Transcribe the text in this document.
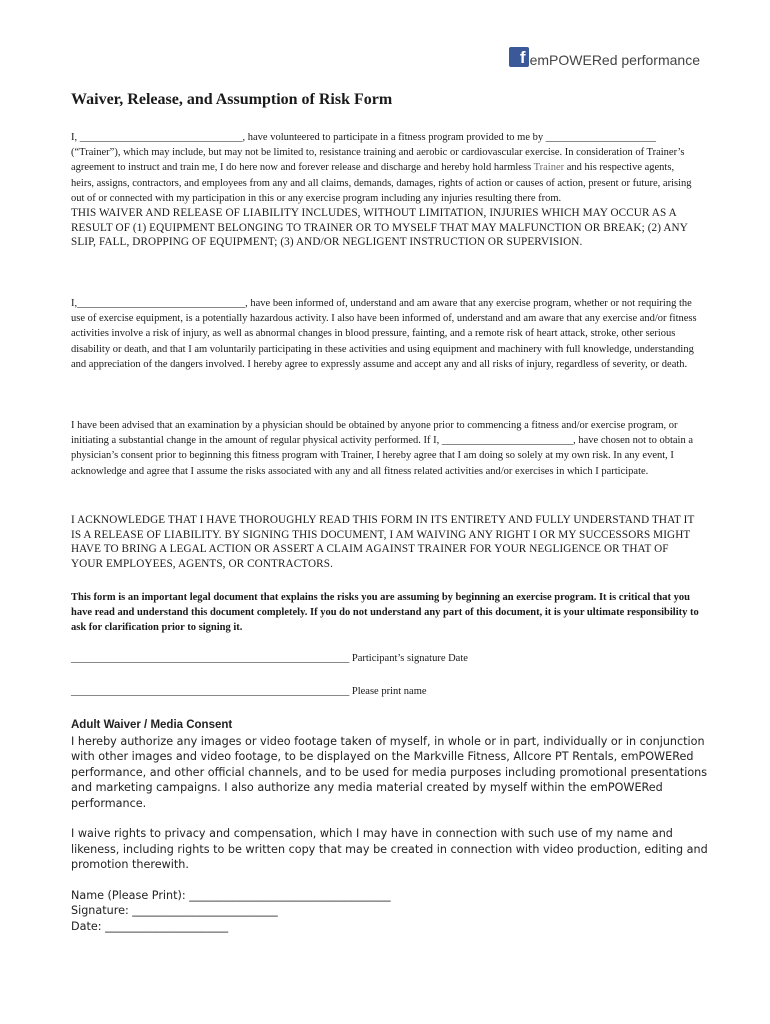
f emPOWERed performance
Waiver, Release, and Assumption of Risk Form

I, _______________________________, have volunteered to participate in a fitness program provided to me by _____________________ (“Trainer”), which may include, but may not be limited to, resistance training and aerobic or cardiovascular exercise. In consideration of Trainer’s agreement to instruct and train me, I do here now and forever release and discharge and hereby hold harmless Trainer and his respective agents, heirs, assigns, contractors, and employees from any and all claims, demands, damages, rights of action or causes of action, present or future, arising out of or connected with my participation in this or any exercise program including any injuries resulting there from.

THIS WAIVER AND RELEASE OF LIABILITY INCLUDES, WITHOUT LIMITATION, INJURIES WHICH MAY OCCUR AS A RESULT OF (1) EQUIPMENT BELONGING TO TRAINER OR TO MYSELF THAT MAY MALFUNCTION OR BREAK; (2) ANY SLIP, FALL, DROPPING OF EQUIPMENT; (3) AND/OR NEGLIGENT INSTRUCTION OR SUPERVISION.

I,________________________________, have been informed of, understand and am aware that any exercise program, whether or not requiring the use of exercise equipment, is a potentially hazardous activity. I also have been informed of, understand and am aware that any exercise and/or fitness activities involve a risk of injury, as well as abnormal changes in blood pressure, fainting, and a remote risk of heart attack, stroke, other serious disability or death, and that I am voluntarily participating in these activities and using equipment and machinery with full knowledge, understanding and appreciation of the dangers involved. I hereby agree to expressly assume and accept any and all risks of injury, regardless of severity, or death.
I have been advised that an examination by a physician should be obtained by anyone prior to commencing a fitness and/or exercise program, or initiating a substantial change in the amount of regular physical activity performed. If I, _________________________, have chosen not to obtain a physician’s consent prior to beginning this fitness program with Trainer, I hereby agree that I am doing so solely at my own risk. In any event, I acknowledge and agree that I assume the risks associated with any and all fitness related activities and/or exercises in which I participate.
I ACKNOWLEDGE THAT I HAVE THOROUGHLY READ THIS FORM IN ITS ENTIRETY AND FULLY UNDERSTAND THAT IT IS A RELEASE OF LIABILITY. BY SIGNING THIS DOCUMENT, I AM WAIVING ANY RIGHT I OR MY SUCCESSORS MIGHT HAVE TO BRING A LEGAL ACTION OR ASSERT A CLAIM AGAINST TRAINER FOR YOUR NEGLIGENCE OR THAT OF YOUR EMPLOYEES, AGENTS, OR CONTRACTORS.
This form is an important legal document that explains the risks you are assuming by beginning an exercise program. It is critical that you have read and understand this document completely. If you do not understand any part of this document, it is your ultimate responsibility to ask for clarification prior to signing it.
_____________________________________________________ Participant’s signature Date
_____________________________________________________ Please print name
Adult Waiver / Media Consent

I hereby authorize any images or video footage taken of myself, in whole or in part, individually or in conjunction with other images and video footage, to be displayed on the Markville Fitness, Allcore PT Rentals, emPOWERed performance, and other official channels, and to be used for media purposes including promotional presentations and marketing campaigns. I also authorize any media material created by myself within the emPOWERed performance.

I waive rights to privacy and compensation, which I may have in connection with such use of my name and likeness, including rights to be written copy that may be created in connection with video production, editing and promotion therewith.

Name (Please Print): ____________________________________
Signature: __________________________
Date: ______________________
